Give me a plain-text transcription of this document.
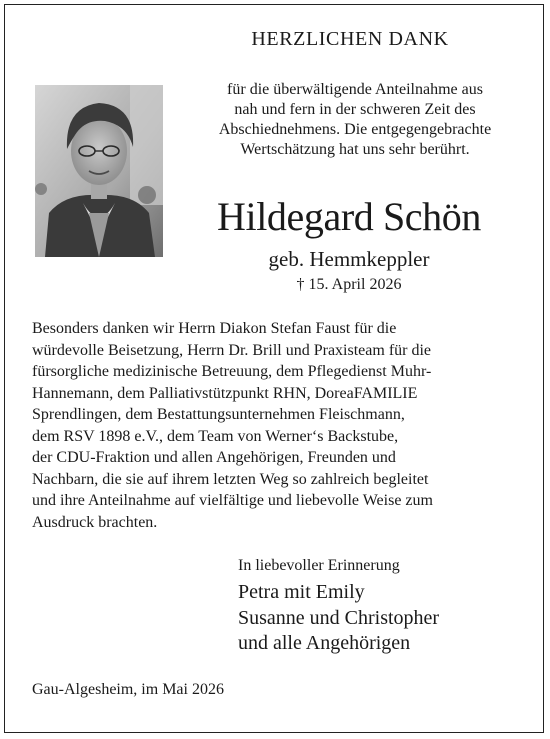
HERZLICHEN DANK
für die überwältigende Anteilnahme aus
nah und fern in der schweren Zeit des
Abschiednehmens. Die entgegengebrachte
Wertschätzung hat uns sehr berührt.
Hildegard Schön
geb. Hemmkeppler
† 15. April 2026
Besonders danken wir Herrn Diakon Stefan Faust für die
würdevolle Beisetzung, Herrn Dr. Brill und Praxisteam für die
fürsorgliche medizinische Betreuung, dem Pflegedienst Muhr-
Hannemann, dem Palliativstützpunkt RHN, DoreaFAMILIE
Sprendlingen, dem Bestattungsunternehmen Fleischmann,
dem RSV 1898 e.V., dem Team von Werner‘s Backstube,
der CDU-Fraktion und allen Angehörigen, Freunden und
Nachbarn, die sie auf ihrem letzten Weg so zahlreich begleitet
und ihre Anteilnahme auf vielfältige und liebevolle Weise zum
Ausdruck brachten.
In liebevoller Erinnerung
Petra mit Emily
Susanne und Christopher
und alle Angehörigen
Gau-Algesheim, im Mai 2026
